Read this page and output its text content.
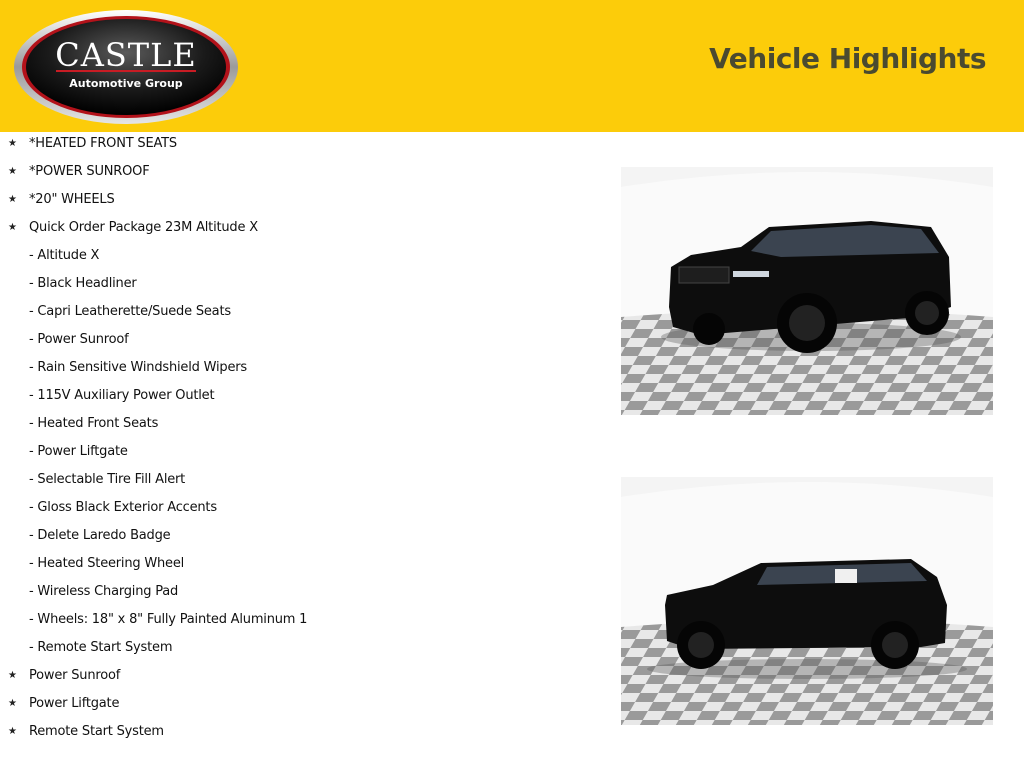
CASTLE
Automotive Group
Vehicle Highlights
★ *HEATED FRONT SEATS
★ *POWER SUNROOF
★ *20" WHEELS
★ Quick Order Package 23M Altitude X
- Altitude X
- Black Headliner
- Capri Leatherette/Suede Seats
- Power Sunroof
- Rain Sensitive Windshield Wipers
- 115V Auxiliary Power Outlet
- Heated Front Seats
- Power Liftgate
- Selectable Tire Fill Alert
- Gloss Black Exterior Accents
- Delete Laredo Badge
- Heated Steering Wheel
- Wireless Charging Pad
- Wheels: 18" x 8" Fully Painted Aluminum 1
- Remote Start System
★ Power Sunroof
★ Power Liftgate
★ Remote Start System
